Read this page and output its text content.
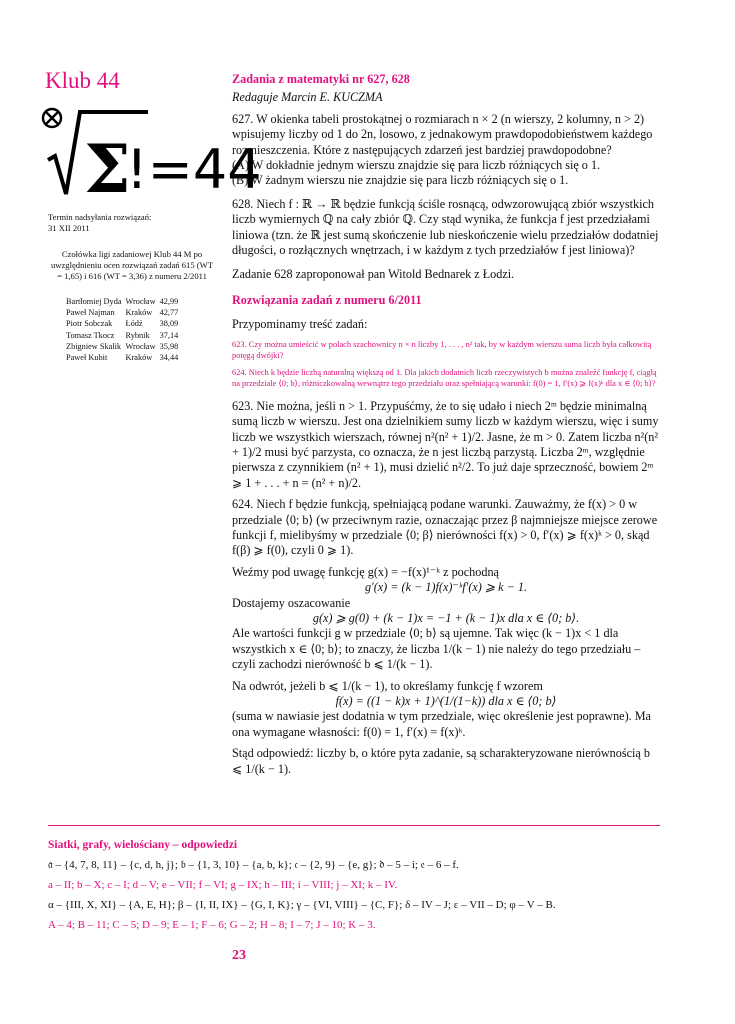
Klub 44
Σ
!=44
Termin nadsyłania rozwiązań:
31 XII 2011
Czołówka ligi zadaniowej Klub 44 M po uwzględnieniu ocen rozwiązań zadań 615 (WT = 1,65) i 616 (WT = 3,36) z numeru 2/2011
Bartłomiej Dyda	Wrocław	42,99
Paweł Najman	Kraków	42,77
Piotr Sobczak	Łódź	38,09
Tomasz Tkocz	Rybnik	37,14
Zbigniew Skalik	Wrocław	35,98
Paweł Kubit	Kraków	34,44

Zadania z matematyki nr 627, 628

Redaguje Marcin E. KUCZMA

627. W okienka tabeli prostokątnej o rozmiarach n × 2 (n wierszy, 2 kolumny, n > 2) wpisujemy liczby od 1 do 2n, losowo, z jednakowym prawdopodobieństwem każdego rozmieszczenia. Które z następujących zdarzeń jest bardziej prawdopodobne?

(A) W dokładnie jednym wierszu znajdzie się para liczb różniących się o 1.

(B) W żadnym wierszu nie znajdzie się para liczb różniących się o 1.

628. Niech f : ℝ → ℝ będzie funkcją ściśle rosnącą, odwzorowującą zbiór wszystkich liczb wymiernych ℚ na cały zbiór ℚ. Czy stąd wynika, że funkcja f jest przedziałami liniowa (tzn. że ℝ jest sumą skończenie lub nieskończenie wielu przedziałów dodatniej długości, o rozłącznych wnętrzach, i w każdym z tych przedziałów f jest liniowa)?

Zadanie 628 zaproponował pan Witold Bednarek z Łodzi.

Rozwiązania zadań z numeru 6/2011

Przypominamy treść zadań:

623. Czy można umieścić w polach szachownicy n × n liczby 1, . . . , n² tak, by w każdym wierszu suma liczb była całkowitą potęgą dwójki?

624. Niech k będzie liczbą naturalną większą od 1. Dla jakich dodatnich liczb rzeczywistych b można znaleźć funkcję f, ciągłą na przedziale ⟨0; b⟩, różniczkowalną wewnątrz tego przedziału oraz spełniającą warunki: f(0) = 1, f′(x) ⩾ f(x)ᵏ dla x ∈ ⟨0; b⟩?

623. Nie można, jeśli n > 1. Przypuśćmy, że to się udało i niech 2ᵐ będzie minimalną sumą liczb w wierszu. Jest ona dzielnikiem sumy liczb w każdym wierszu, więc i sumy liczb we wszystkich wierszach, równej n²(n² + 1)/2. Jasne, że m > 0. Zatem liczba n²(n² + 1)/2 musi być parzysta, co oznacza, że n jest liczbą parzystą. Liczba 2ᵐ, względnie pierwsza z czynnikiem (n² + 1), musi dzielić n²/2. To już daje sprzeczność, bowiem 2ᵐ ⩾ 1 + . . . + n = (n² + n)/2.

624. Niech f będzie funkcją, spełniającą podane warunki. Zauważmy, że f(x) > 0 w przedziale ⟨0; b⟩ (w przeciwnym razie, oznaczając przez β najmniejsze miejsce zerowe funkcji f, mielibyśmy w przedziale ⟨0; β⟩ nierówności f(x) > 0, f′(x) ⩾ f(x)ᵏ > 0, skąd f(β) ⩾ f(0), czyli 0 ⩾ 1).

Weźmy pod uwagę funkcję g(x) = −f(x)¹⁻ᵏ z pochodną

g′(x) = (k − 1)f(x)⁻ᵏf′(x) ⩾ k − 1.

Dostajemy oszacowanie

g(x) ⩾ g(0) + (k − 1)x = −1 + (k − 1)x dla x ∈ ⟨0; b⟩.

Ale wartości funkcji g w przedziale ⟨0; b⟩ są ujemne. Tak więc (k − 1)x < 1 dla wszystkich x ∈ ⟨0; b⟩; to znaczy, że liczba 1/(k − 1) nie należy do tego przedziału – czyli zachodzi nierówność b ⩽ 1/(k − 1).

Na odwrót, jeżeli b ⩽ 1/(k − 1), to określamy funkcję f wzorem

f(x) = ((1 − k)x + 1)^(1/(1−k)) dla x ∈ ⟨0; b⟩

(suma w nawiasie jest dodatnia w tym przedziale, więc określenie jest poprawne). Ma ona wymagane własności: f(0) = 1, f′(x) = f(x)ᵏ.

Stąd odpowiedź: liczby b, o które pyta zadanie, są scharakteryzowane nierównością b ⩽ 1/(k − 1).

Siatki, grafy, wielościany – odpowiedzi
𝔞 – {4, 7, 8, 11} – {c, d, h, j}; 𝔟 – {1, 3, 10} – {a, b, k}; 𝔠 – {2, 9} – {e, g}; 𝔡 – 5 – i; 𝔢 – 6 – f.
a – II; b – X; c – I; d – V; e – VII; f – VI; g – IX; h – III; i – VIII; j – XI; k – IV.
α – {III, X, XI} – {A, E, H}; β – {I, II, IX} – {G, I, K}; γ – {VI, VIII} – {C, F}; δ – IV – J; ε – VII – D; φ – V – B.
A – 4; B – 11; C – 5; D – 9; E – 1; F – 6; G – 2; H – 8; I – 7; J – 10; K – 3.
23
